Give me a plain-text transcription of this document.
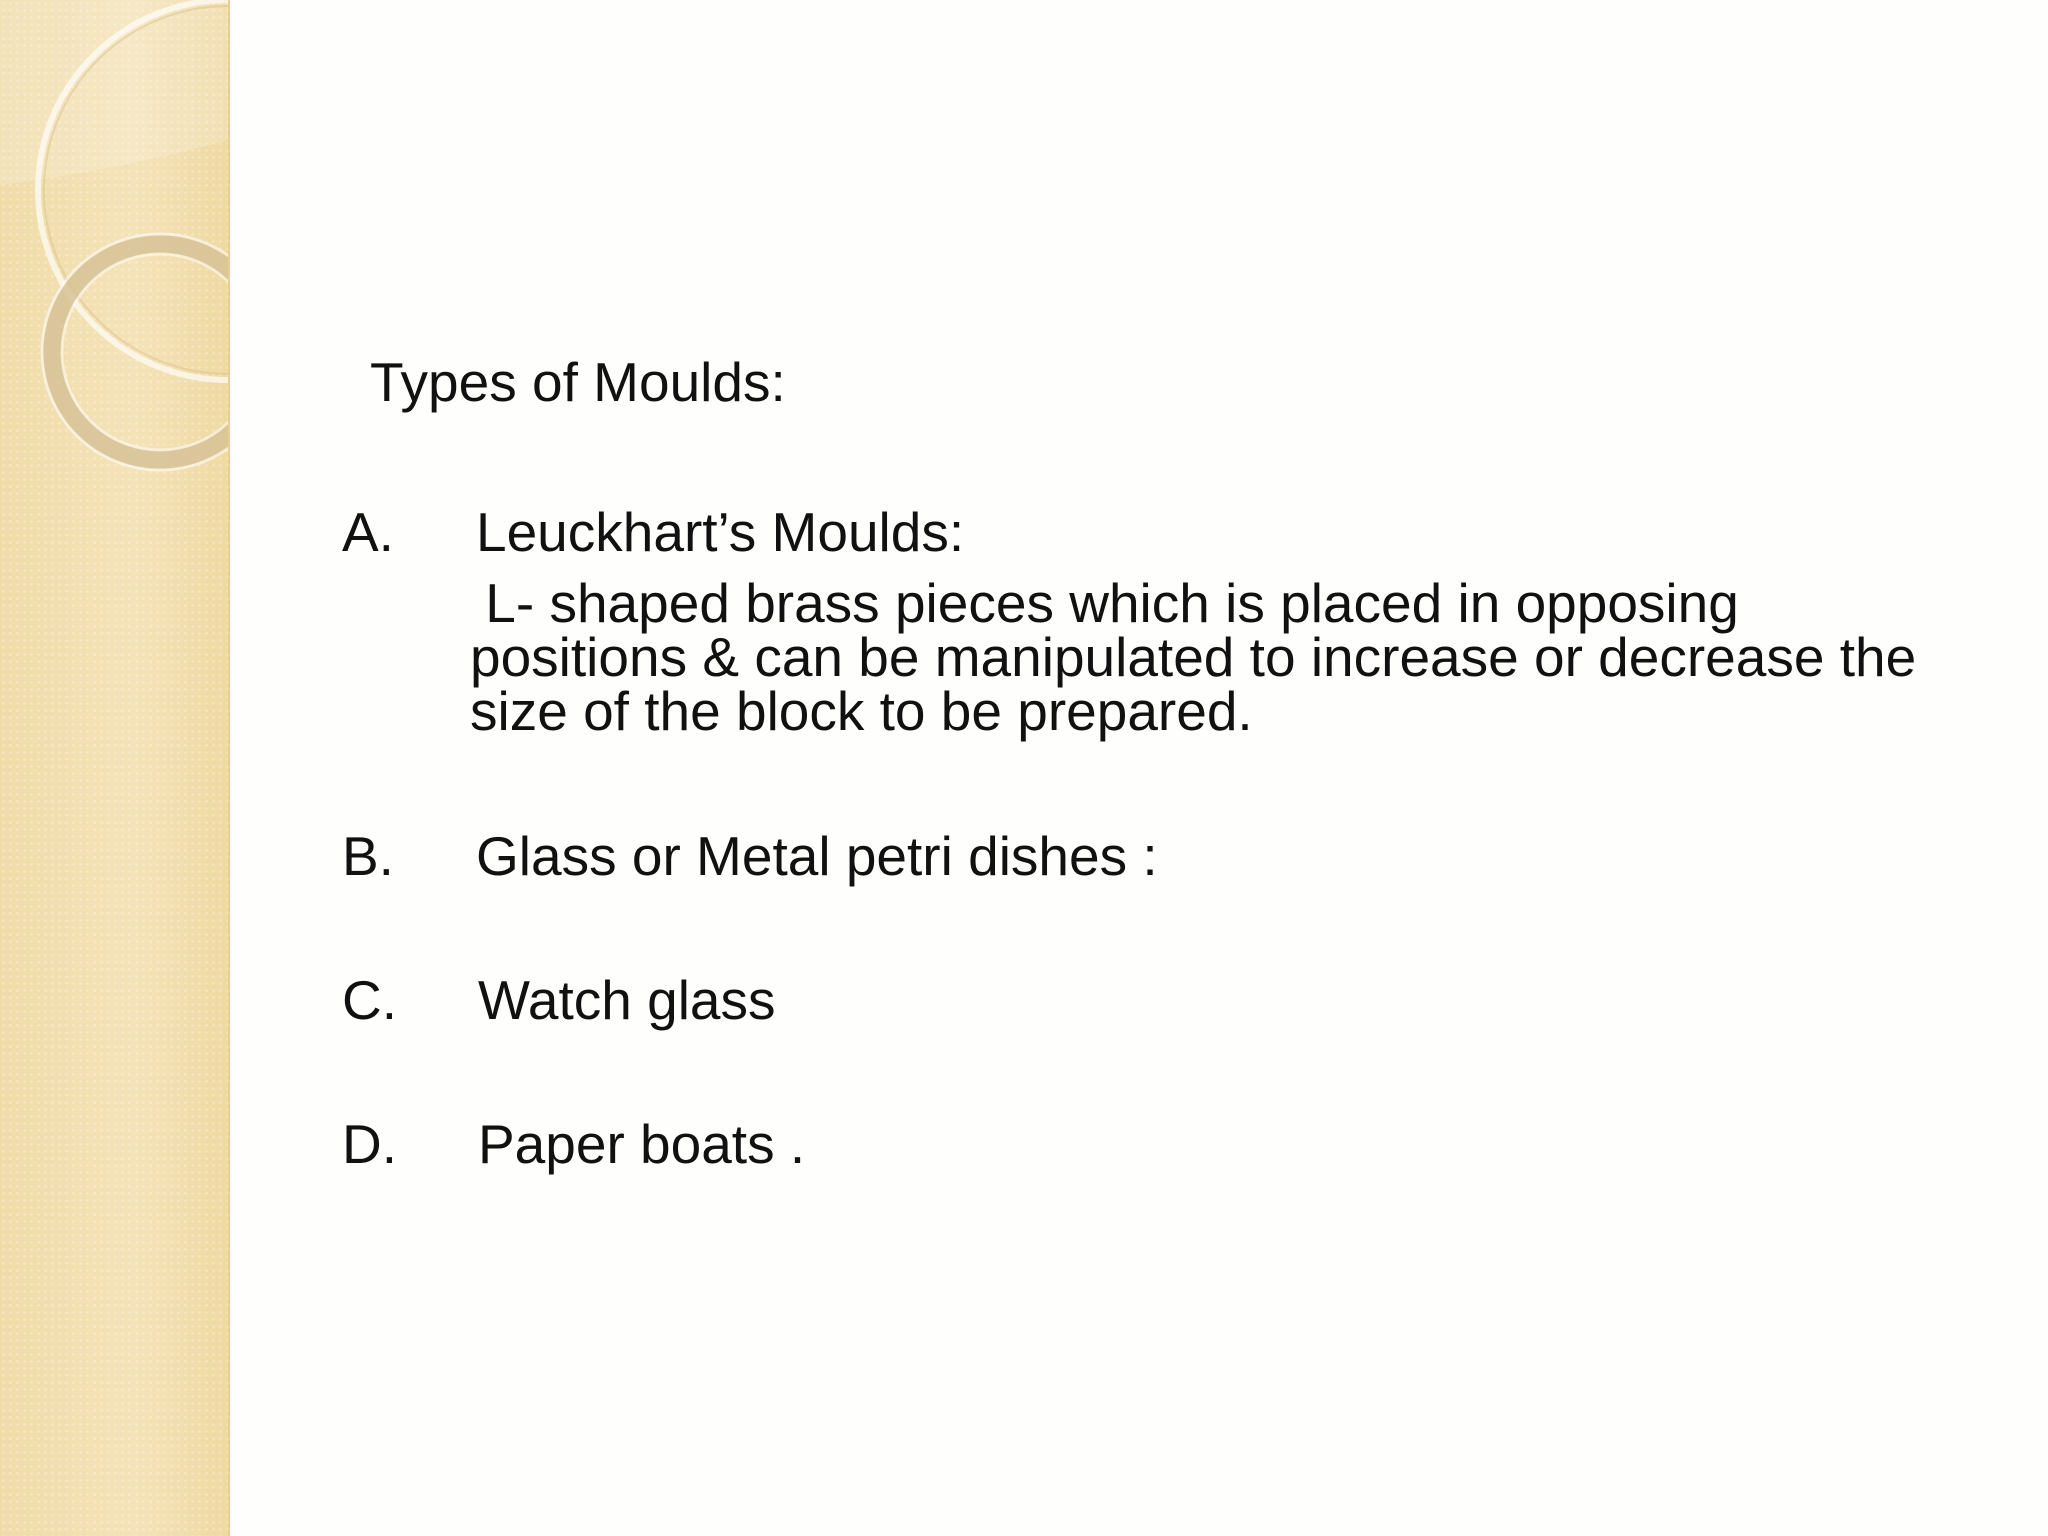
Types of Moulds:
A. Leuckhart’s Moulds:
L- shaped brass pieces which is placed in opposing
positions & can be manipulated to increase or decrease the
size of the block to be prepared.
B. Glass or Metal petri dishes :
C. Watch glass
D. Paper boats .
